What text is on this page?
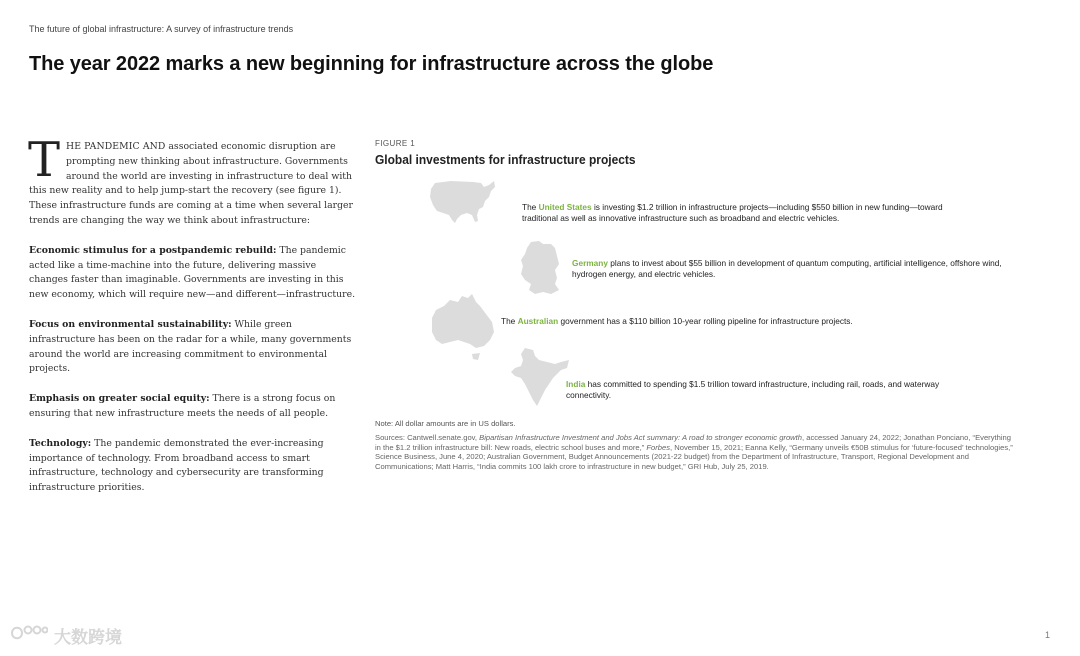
The future of global infrastructure: A survey of infrastructure trends
The year 2022 marks a new beginning for infrastructure across the globe

THE PANDEMIC AND associated economic disruption are prompting new thinking about infrastructure. Governments around the world are investing in infrastructure to deal with this new reality and to help jump-start the recovery (see figure 1). These infrastructure funds are coming at a time when several larger trends are changing the way we think about infrastructure:

Economic stimulus for a postpandemic rebuild: The pandemic acted like a time-machine into the future, delivering massive changes faster than imaginable. Governments are investing in this new economy, which will require new—and different—infrastructure.

Focus on environmental sustainability: While green infrastructure has been on the radar for a while, many governments around the world are increasing commitment to environmental projects.

Emphasis on greater social equity: There is a strong focus on ensuring that new infrastructure meets the needs of all people.

Technology: The pandemic demonstrated the ever-increasing importance of technology. From broadband access to smart infrastructure, technology and cybersecurity are transforming infrastructure priorities.

FIGURE 1
Global investments for infrastructure projects
The United States is investing $1.2 trillion in infrastructure projects—including $550 billion in new funding—toward traditional as well as innovative infrastructure such as broadband and electric vehicles.
Germany plans to invest about $55 billion in development of quantum computing, artificial intelligence, offshore wind, hydrogen energy, and electric vehicles.
The Australian government has a $110 billion 10-year rolling pipeline for infrastructure projects.
India has committed to spending $1.5 trillion toward infrastructure, including rail, roads, and waterway connectivity.
Note: All dollar amounts are in US dollars.
Sources: Cantwell.senate.gov, Bipartisan Infrastructure Investment and Jobs Act summary: A road to stronger economic growth, accessed January 24, 2022; Jonathan Ponciano, “Everything in the $1.2 trillion infrastructure bill: New roads, electric school buses and more,” Forbes, November 15, 2021; Eanna Kelly, “Germany unveils €50B stimulus for ‘future-focused’ technologies,” Science Business, June 4, 2020; Australian Government, Budget Announcements (2021-22 budget) from the Department of Infrastructure, Transport, Regional Development and Communications; Matt Harris, “India commits 100 lakh crore to infrastructure in new budget,” GRI Hub, July 25, 2019.
大数跨境	1
